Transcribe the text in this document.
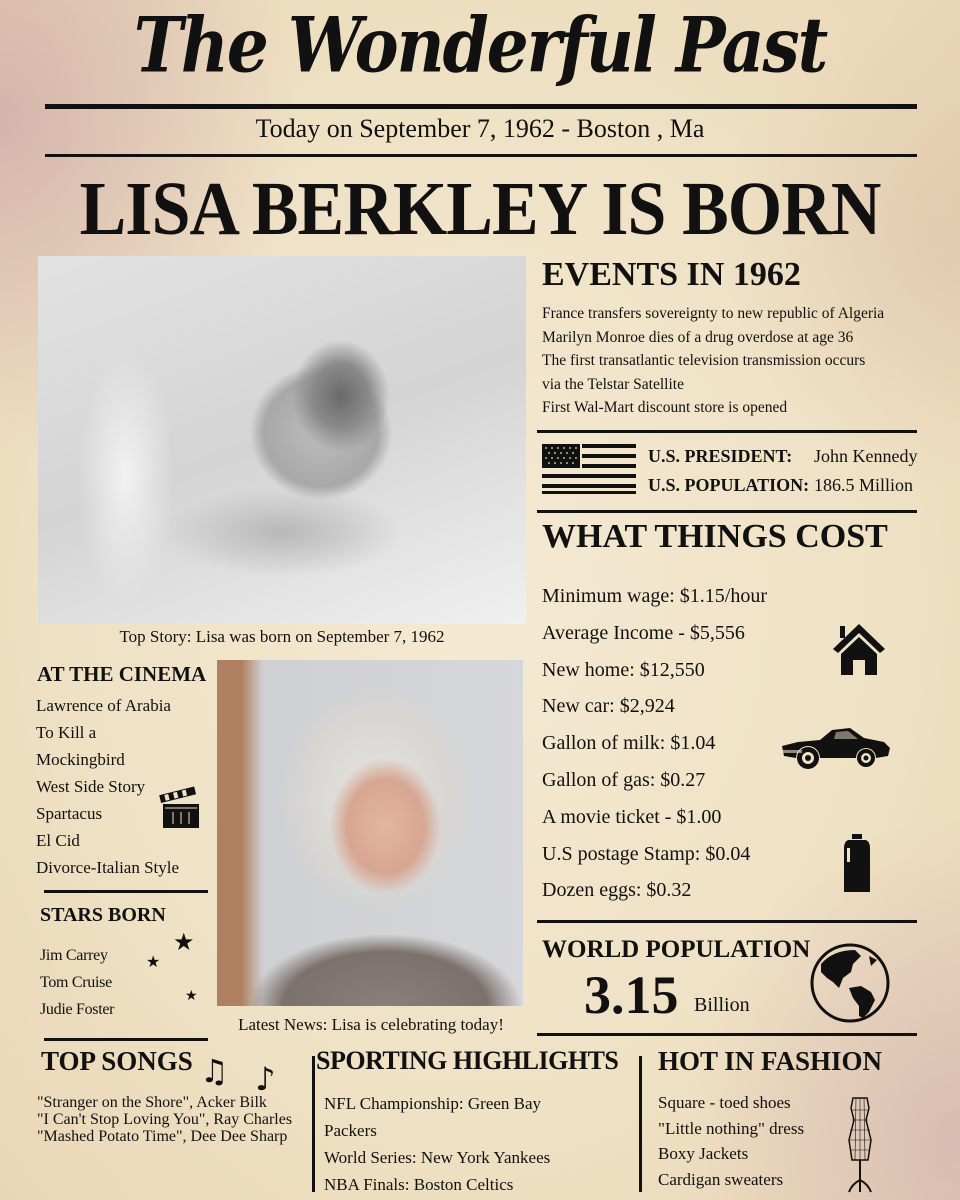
The Wonderful Past
Today on September 7, 1962 - Boston , Ma
LISA BERKLEY IS BORN
Top Story: Lisa was born on September 7, 1962
EVENTS IN 1962
France transfers sovereignty to new republic of Algeria
Marilyn Monroe dies of a drug overdose at age 36
The first transatlantic television transmission occurs
via the Telstar Satellite
First Wal-Mart discount store is opened
U.S. PRESIDENT: John Kennedy
U.S. POPULATION: 186.5 Million
WHAT THINGS COST
Minimum wage: $1.15/hour
Average Income - $5,556
New home: $12,550
New car: $2,924
Gallon of milk: $1.04
Gallon of gas: $0.27
A movie ticket - $1.00
U.S postage Stamp: $0.04
Dozen eggs: $0.32
WORLD POPULATION
3.15 Billion
Latest News: Lisa is celebrating today!
AT THE CINEMA
Lawrence of Arabia
To Kill a
Mockingbird
West Side Story
Spartacus
El Cid
Divorce-Italian Style
STARS BORN
Jim Carrey
Tom Cruise
Judie Foster
★
★
★
TOP SONGS ♫ ♪
"Stranger on the Shore", Acker Bilk
"I Can't Stop Loving You", Ray Charles
"Mashed Potato Time", Dee Dee Sharp
SPORTING HIGHLIGHTS
NFL Championship: Green Bay
Packers
World Series: New York Yankees
NBA Finals: Boston Celtics
HOT IN FASHION
Square - toed shoes
"Little nothing" dress
Boxy Jackets
Cardigan sweaters
